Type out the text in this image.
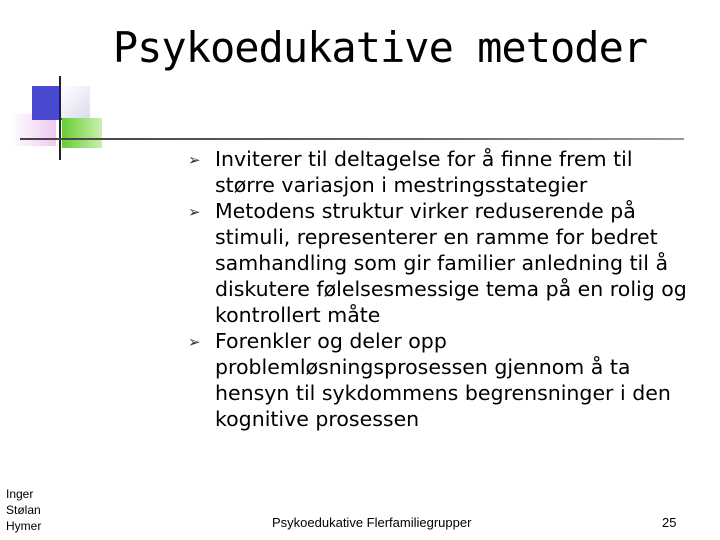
Psykoedukative metoder
➢ Inviterer til deltagelse for å finne frem til større variasjon i mestringsstategier
➢ Metodens struktur virker reduserende på stimuli, representerer en ramme for bedret samhandling som gir familier anledning til å diskutere følelsesmessige tema på en rolig og kontrollert måte
➢ Forenkler og deler opp problemløsningsprosessen gjennom å ta hensyn til sykdommens begrensninger i den kognitive prosessen
Inger Stølan Hymer	Psykoedukative Flerfamiliegrupper	25
